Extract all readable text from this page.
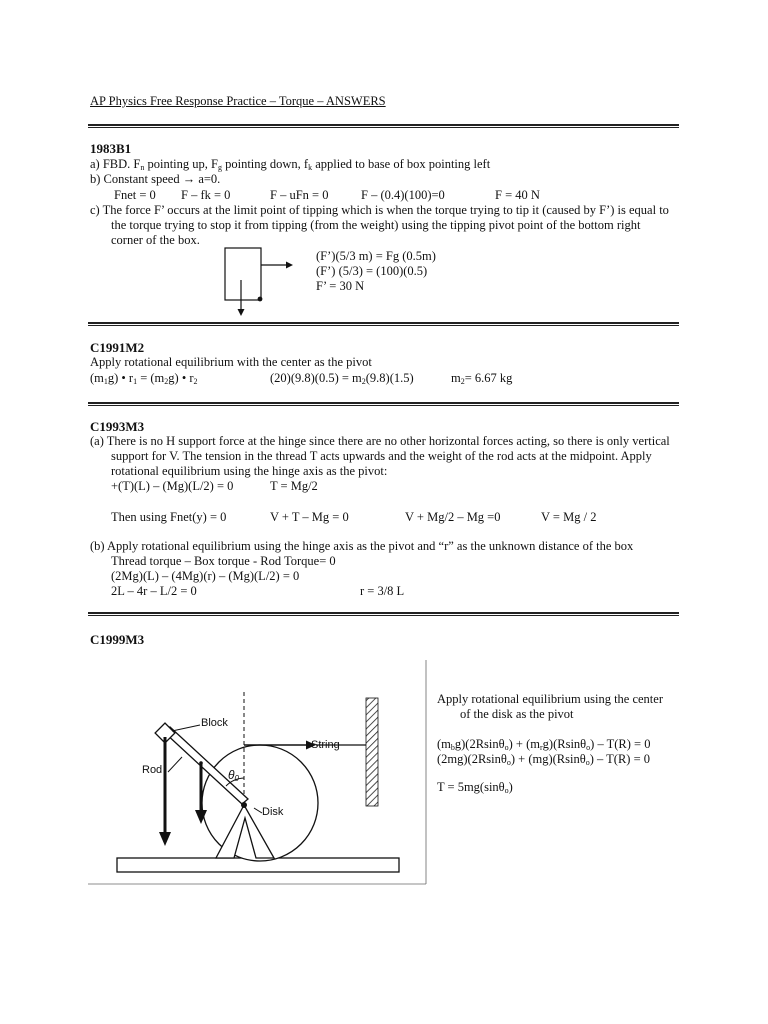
AP Physics Free Response Practice – Torque – ANSWERS
1983B1
a) FBD. $F_n$ pointing up, $F_g$ pointing down, $f_k$ applied to base of box pointing left
b) Constant speed → a=0.
Fnet = 0 F – fk = 0	F – uFn = 0	F – (0.4)(100)=0	F = 40 N
c) The force F’ occurs at the limit point of tipping which is when the torque trying to tip it (caused by F’) is equal to
the torque trying to stop it from tipping (from the weight) using the tipping pivot point of the bottom right
corner of the box.
(F’)(5/3 m) = Fg (0.5m)
(F’) (5/3) = (100)(0.5)
F’ = 30 N
C1991M2
Apply rotational equilibrium with the center as the pivot
$(m_1g)$ • $r_1 = (m_2g)$ • $r_2$	$(20)(9.8)(0.5) = m_2(9.8)(1.5)$	$m_2= 6.67$ kg
C1993M3
(a) There is no H support force at the hinge since there are no other horizontal forces acting, so there is only vertical
support for V. The tension in the thread T acts upwards and the weight of the rod acts at the midpoint. Apply
rotational equilibrium using the hinge axis as the pivot:
+(T)(L) – (Mg)(L/2) = 0	T = Mg/2
Then using Fnet(y) = 0	V + T – Mg = 0	V + Mg/2 – Mg =0	V = Mg / 2
(b) Apply rotational equilibrium using the hinge axis as the pivot and “r” as the unknown distance of the box
Thread torque – Box torque - Rod Torque= 0
(2Mg)(L) – (4Mg)(r) – (Mg)(L/2) = 0
2L – 4r – L/2 = 0	r = 3/8 L
C1999M3
Block
Rod
String
Disk
$\theta_0$
Apply rotational equilibrium using the center
of the disk as the pivot
$(m_bg)(2Rsin\theta_o) + (m_rg)(Rsin\theta_o) - T(R) = 0$
(2mg)(2Rsinθ$_o$) + (mg)(Rsinθ$_o$) – T(R) = 0
T = 5mg(sinθ$_o$)
